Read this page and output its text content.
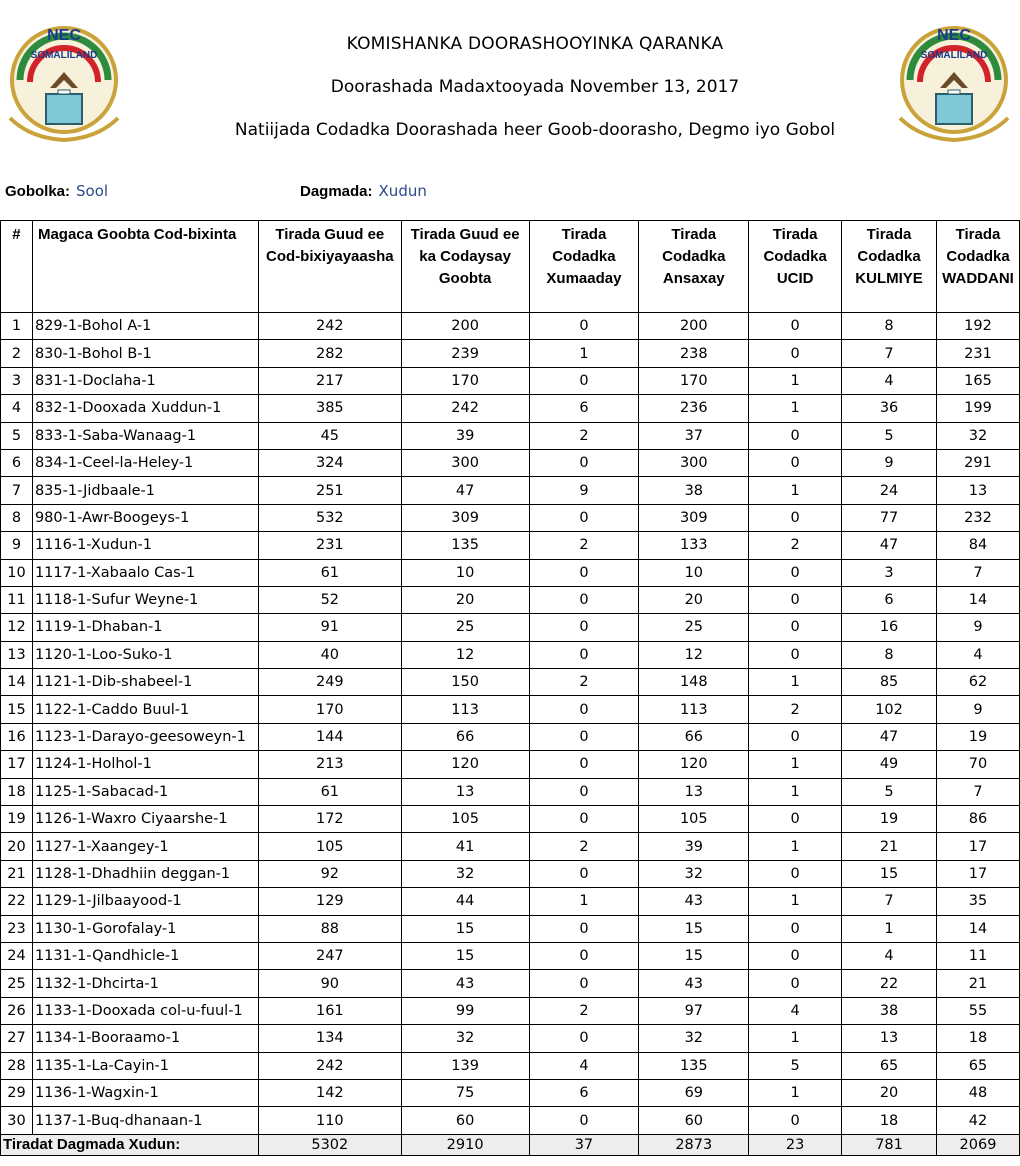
NEC
SOMALILAND
KOMISHANKA DOORASHOOYINKA QARANKA
Doorashada Madaxtooyada November 13, 2017
Natiijada Codadka Doorashada heer Goob-doorasho, Degmo iyo Gobol
NEC
SOMALILAND
Gobolka: Sool	Dagmada: Xudun
#	Magaca Goobta Cod-bixinta	Tirada Guud ee Cod-bixiyayaasha	Tirada Guud ee ka Codaysay Goobta	Tirada Codadka Xumaaday	Tirada Codadka Ansaxay	Tirada Codadka UCID	Tirada Codadka KULMIYE	Tirada Codadka WADDANI
1	829-1-Bohol A-1	242	200	0	200	0	8	192
2	830-1-Bohol B-1	282	239	1	238	0	7	231
3	831-1-Doclaha-1	217	170	0	170	1	4	165
4	832-1-Dooxada Xuddun-1	385	242	6	236	1	36	199
5	833-1-Saba-Wanaag-1	45	39	2	37	0	5	32
6	834-1-Ceel-la-Heley-1	324	300	0	300	0	9	291
7	835-1-Jidbaale-1	251	47	9	38	1	24	13
8	980-1-Awr-Boogeys-1	532	309	0	309	0	77	232
9	1116-1-Xudun-1	231	135	2	133	2	47	84
10	1117-1-Xabaalo Cas-1	61	10	0	10	0	3	7
11	1118-1-Sufur Weyne-1	52	20	0	20	0	6	14
12	1119-1-Dhaban-1	91	25	0	25	0	16	9
13	1120-1-Loo-Suko-1	40	12	0	12	0	8	4
14	1121-1-Dib-shabeel-1	249	150	2	148	1	85	62
15	1122-1-Caddo Buul-1	170	113	0	113	2	102	9
16	1123-1-Darayo-geesoweyn-1	144	66	0	66	0	47	19
17	1124-1-Holhol-1	213	120	0	120	1	49	70
18	1125-1-Sabacad-1	61	13	0	13	1	5	7
19	1126-1-Waxro Ciyaarshe-1	172	105	0	105	0	19	86
20	1127-1-Xaangey-1	105	41	2	39	1	21	17
21	1128-1-Dhadhiin deggan-1	92	32	0	32	0	15	17
22	1129-1-Jilbaayood-1	129	44	1	43	1	7	35
23	1130-1-Gorofalay-1	88	15	0	15	0	1	14
24	1131-1-Qandhicle-1	247	15	0	15	0	4	11
25	1132-1-Dhcirta-1	90	43	0	43	0	22	21
26	1133-1-Dooxada col-u-fuul-1	161	99	2	97	4	38	55
27	1134-1-Booraamo-1	134	32	0	32	1	13	18
28	1135-1-La-Cayin-1	242	139	4	135	5	65	65
29	1136-1-Wagxin-1	142	75	6	69	1	20	48
30	1137-1-Buq-dhanaan-1	110	60	0	60	0	18	42
Tiradat Dagmada Xudun:		5302	2910	37	2873	23	781	2069
